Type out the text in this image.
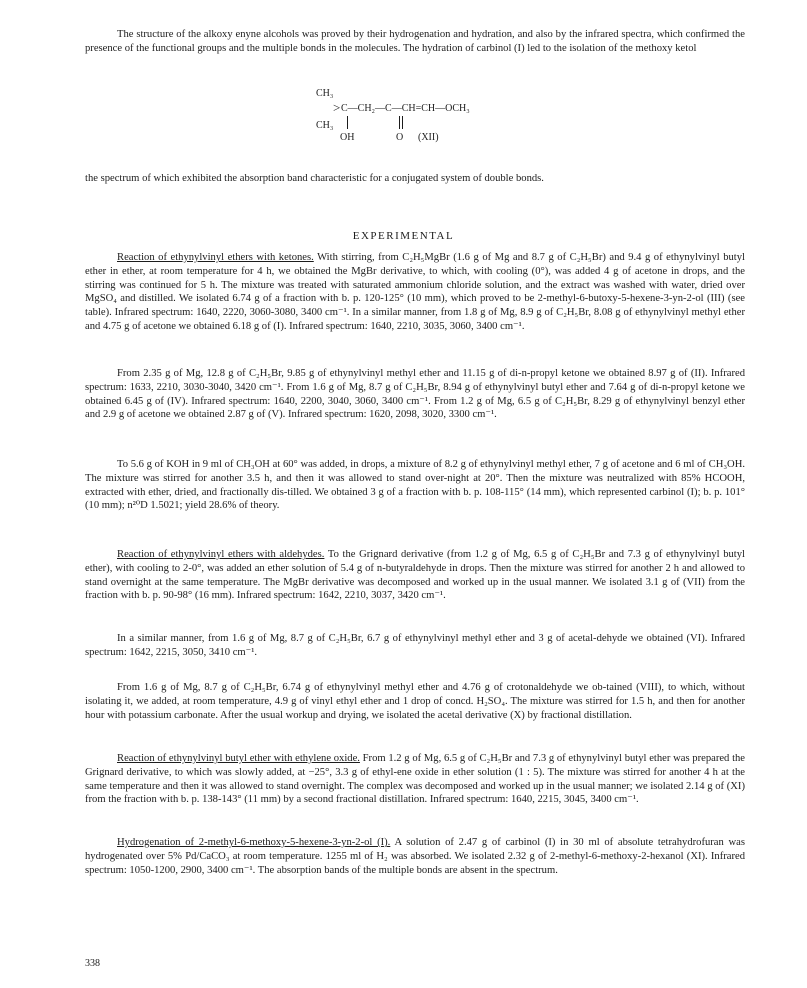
The structure of the alkoxy enyne alcohols was proved by their hydrogenation and hydration, and also by the infrared spectra, which confirmed the presence of the functional groups and the multiple bonds in the molecules. The hydration of carbinol (I) led to the isolation of the methoxy ketol

CH₃
> C—CH₂—C—CH=CH—OCH₃
CH₃
OH	O (XII)

the spectrum of which exhibited the absorption band characteristic for a conjugated system of double bonds.

EXPERIMENTAL

Reaction of ethynylvinyl ethers with ketones. With stirring, from C₂H₅MgBr (1.6 g of Mg and 8.7 g of C₂H₅Br) and 9.4 g of ethynylvinyl butyl ether in ether, at room temperature for 4 h, we obtained the MgBr derivative, to which, with cooling (0°), was added 4 g of acetone in drops, and the stirring was continued for 5 h. The mixture was treated with saturated ammonium chloride solution, and the extract was washed with water, dried over MgSO₄ and distilled. We isolated 6.74 g of a fraction with b. p. 120-125° (10 mm), which proved to be 2-methyl-6-butoxy-5-hexene-3-yn-2-ol (III) (see table). Infrared spectrum: 1640, 2220, 3060-3080, 3400 cm⁻¹. In a similar manner, from 1.8 g of Mg, 8.9 g of C₂H₅Br, 8.08 g of ethynylvinyl methyl ether and 4.75 g of acetone we obtained 6.18 g of (I). Infrared spectrum: 1640, 2210, 3035, 3060, 3400 cm⁻¹.

From 2.35 g of Mg, 12.8 g of C₂H₅Br, 9.85 g of ethynylvinyl methyl ether and 11.15 g of di-n-propyl ketone we obtained 8.97 g of (II). Infrared spectrum: 1633, 2210, 3030-3040, 3420 cm⁻¹. From 1.6 g of Mg, 8.7 g of C₂H₅Br, 8.94 g of ethynylvinyl butyl ether and 7.64 g of di-n-propyl ketone we obtained 6.45 g of (IV). Infrared spectrum: 1640, 2200, 3040, 3060, 3400 cm⁻¹. From 1.2 g of Mg, 6.5 g of C₂H₅Br, 8.29 g of ethynylvinyl benzyl ether and 2.9 g of acetone we obtained 2.87 g of (V). Infrared spectrum: 1620, 2098, 3020, 3300 cm⁻¹.

To 5.6 g of KOH in 9 ml of CH₃OH at 60° was added, in drops, a mixture of 8.2 g of ethynylvinyl methyl ether, 7 g of acetone and 6 ml of CH₃OH. The mixture was stirred for another 3.5 h, and then it was allowed to stand over-night at 20°. Then the mixture was neutralized with 85% HCOOH, extracted with ether, dried, and fractionally dis-tilled. We obtained 3 g of a fraction with b. p. 108-115° (14 mm), which represented carbinol (I); b. p. 101° (10 mm); n²⁰D 1.5021; yield 28.6% of theory.

Reaction of ethynylvinyl ethers with aldehydes. To the Grignard derivative (from 1.2 g of Mg, 6.5 g of C₂H₅Br and 7.3 g of ethynylvinyl butyl ether), with cooling to 2-0°, was added an ether solution of 5.4 g of n-butyraldehyde in drops. Then the mixture was stirred for another 2 h and allowed to stand overnight at the same temperature. The MgBr derivative was decomposed and worked up in the usual manner. We isolated 3.1 g of (VII) from the fraction with b. p. 90-98° (16 mm). Infrared spectrum: 1642, 2210, 3037, 3420 cm⁻¹.

In a similar manner, from 1.6 g of Mg, 8.7 g of C₂H₅Br, 6.7 g of ethynylvinyl methyl ether and 3 g of acetal-dehyde we obtained (VI). Infrared spectrum: 1642, 2215, 3050, 3410 cm⁻¹.

From 1.6 g of Mg, 8.7 g of C₂H₅Br, 6.74 g of ethynylvinyl methyl ether and 4.76 g of crotonaldehyde we ob-tained (VIII), to which, without isolating it, we added, at room temperature, 4.9 g of vinyl ethyl ether and 1 drop of concd. H₂SO₄. The mixture was stirred for 1.5 h, and then for another hour with potassium carbonate. After the usual workup and drying, we isolated the acetal derivative (X) by fractional distillation.

Reaction of ethynylvinyl butyl ether with ethylene oxide. From 1.2 g of Mg, 6.5 g of C₂H₅Br and 7.3 g of ethynylvinyl butyl ether was prepared the Grignard derivative, to which was slowly added, at −25°, 3.3 g of ethyl-ene oxide in ether solution (1 : 5). The mixture was stirred for another 4 h at the same temperature and then it was allowed to stand overnight. The complex was decomposed and worked up in the usual manner; we isolated 2.14 g of (XI) from the fraction with b. p. 138-143° (11 mm) by a second fractional distillation. Infrared spectrum: 1640, 2215, 3045, 3400 cm⁻¹.

Hydrogenation of 2-methyl-6-methoxy-5-hexene-3-yn-2-ol (I). A solution of 2.47 g of carbinol (I) in 30 ml of absolute tetrahydrofuran was hydrogenated over 5% Pd/CaCO₃ at room temperature. 1255 ml of H₂ was absorbed. We isolated 2.32 g of 2-methyl-6-methoxy-2-hexanol (XI). Infrared spectrum: 1050-1200, 2900, 3400 cm⁻¹. The absorption bands of the multiple bonds are absent in the spectrum.

338
